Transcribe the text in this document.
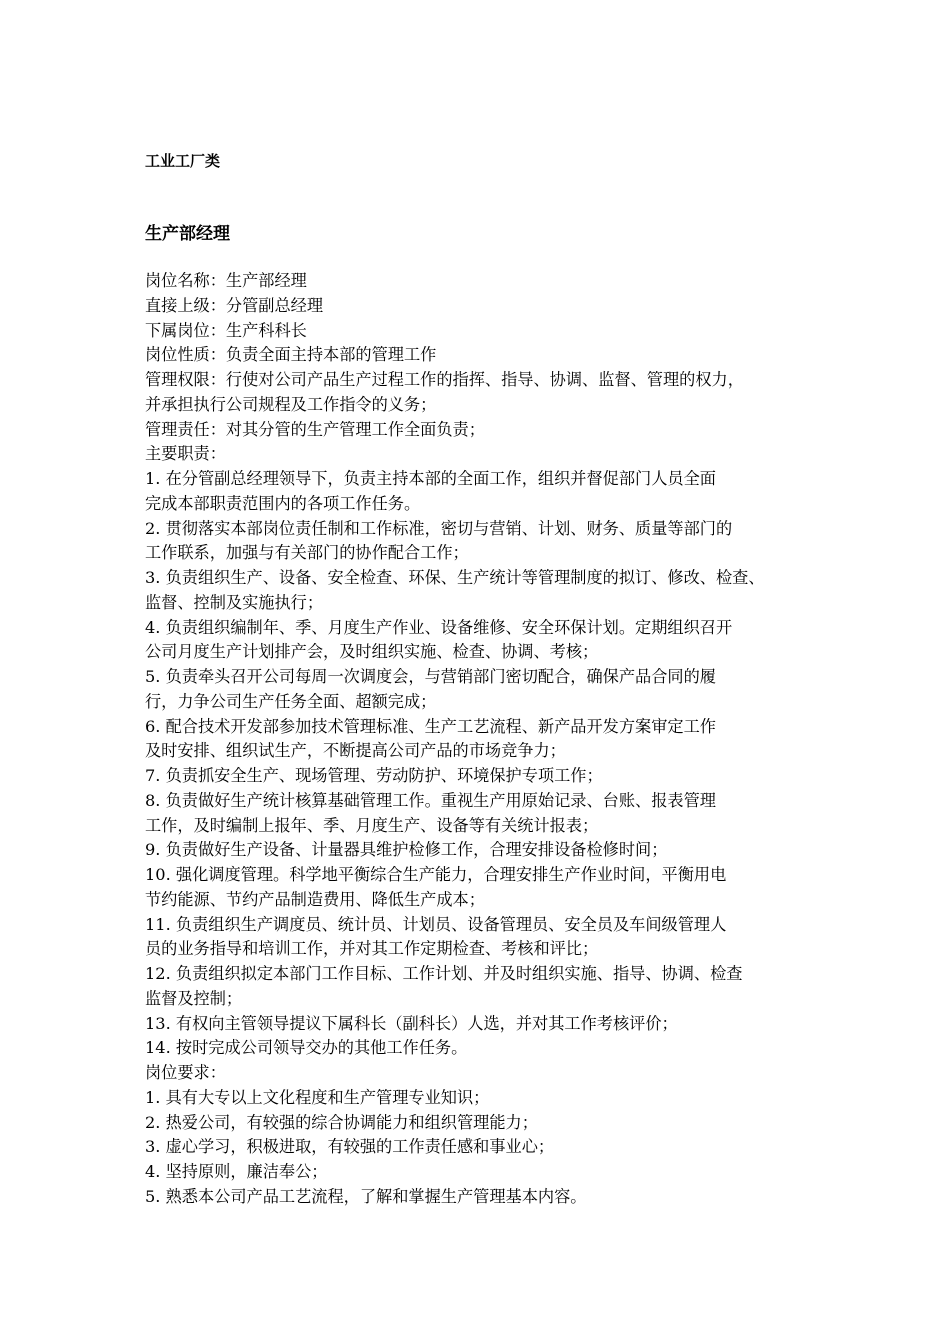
工业工厂类

生产部经理

岗位名称：生产部经理

直接上级：分管副总经理

下属岗位：生产科科长

岗位性质：负责全面主持本部的管理工作

管理权限：行使对公司产品生产过程工作的指挥、指导、协调、监督、管理的权力，

并承担执行公司规程及工作指令的义务；

管理责任：对其分管的生产管理工作全面负责；

主要职责：

1. 在分管副总经理领导下，负责主持本部的全面工作，组织并督促部门人员全面

完成本部职责范围内的各项工作任务。

2. 贯彻落实本部岗位责任制和工作标准，密切与营销、计划、财务、质量等部门的

工作联系，加强与有关部门的协作配合工作；

3. 负责组织生产、设备、安全检查、环保、生产统计等管理制度的拟订、修改、检查、

监督、控制及实施执行；

4. 负责组织编制年、季、月度生产作业、设备维修、安全环保计划。定期组织召开

公司月度生产计划排产会，及时组织实施、检查、协调、考核；

5. 负责牵头召开公司每周一次调度会，与营销部门密切配合，确保产品合同的履

行，力争公司生产任务全面、超额完成；

6. 配合技术开发部参加技术管理标准、生产工艺流程、新产品开发方案审定工作

及时安排、组织试生产，不断提高公司产品的市场竞争力；

7. 负责抓安全生产、现场管理、劳动防护、环境保护专项工作；

8. 负责做好生产统计核算基础管理工作。重视生产用原始记录、台账、报表管理

工作，及时编制上报年、季、月度生产、设备等有关统计报表；

9. 负责做好生产设备、计量器具维护检修工作，合理安排设备检修时间；

10. 强化调度管理。科学地平衡综合生产能力，合理安排生产作业时间，平衡用电

节约能源、节约产品制造费用、降低生产成本；

11. 负责组织生产调度员、统计员、计划员、设备管理员、安全员及车间级管理人

员的业务指导和培训工作，并对其工作定期检查、考核和评比；

12. 负责组织拟定本部门工作目标、工作计划、并及时组织实施、指导、协调、检查

监督及控制；

13. 有权向主管领导提议下属科长（副科长）人选，并对其工作考核评价；

14. 按时完成公司领导交办的其他工作任务。

岗位要求：

1. 具有大专以上文化程度和生产管理专业知识；

2. 热爱公司，有较强的综合协调能力和组织管理能力；

3. 虚心学习，积极进取，有较强的工作责任感和事业心；

4. 坚持原则，廉洁奉公；

5. 熟悉本公司产品工艺流程，了解和掌握生产管理基本内容。
